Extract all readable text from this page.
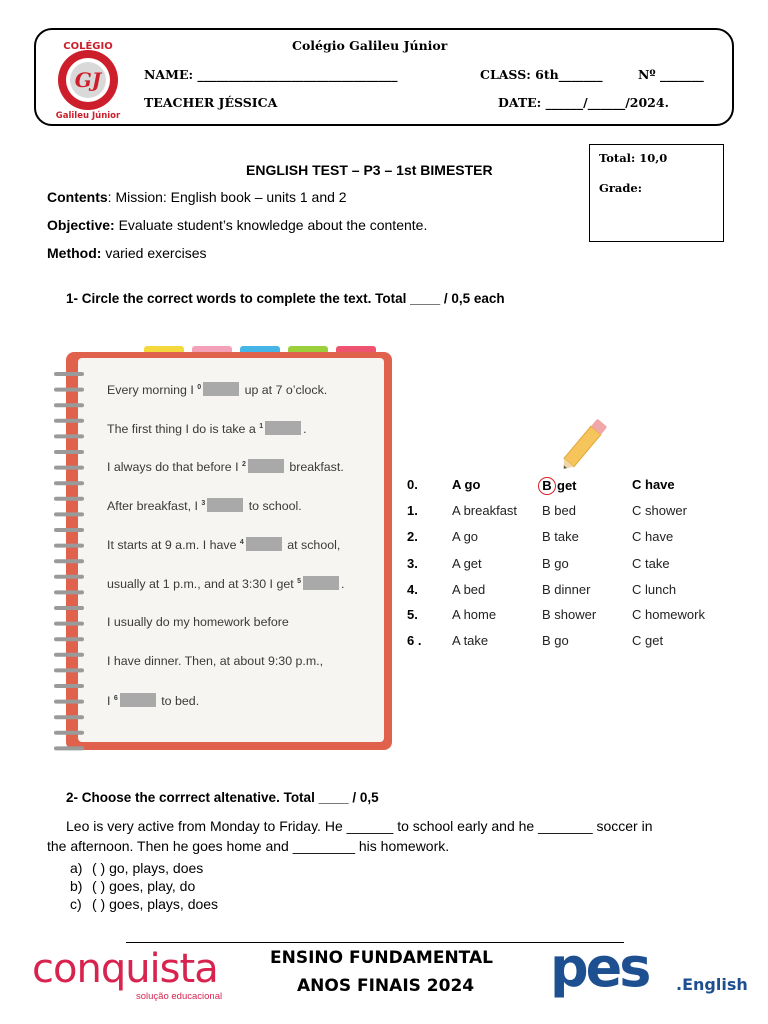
GJ
COLÉGIO
Galileu Júnior
Colégio Galileu Júnior
NAME: ________________________________	CLASS: 6th_______	Nº _______
TEACHER JÉSSICA	DATE: ______/______/2024.
ENGLISH TEST – P3 – 1st BIMESTER
Contents: Mission: English book – units 1 and 2
Objective: Evaluate student’s knowledge about the contente.
Method: varied exercises
Total: 10,0
Grade:
1- Circle the correct words to complete the text. Total ____ / 0,5 each
Every morning I $^0$	up at 7 o’clock.
The first thing I do is take a $^1$	.
I always do that before I $^2$	breakfast.
After breakfast, I $^3$	to school.
It starts at 9 a.m. I have $^4$	at school,
usually at 1 p.m., and at 3:30 I get $^5$	.
I usually do my homework before
I have dinner. Then, at about 9:30 p.m.,
I $^6$	to bed.
0.	A go	B get	C have
1.	A breakfast B bed	C shower
2.	A go	B take	C have
3.	A get	B go	C take
4.	A bed	B dinner	C lunch
5.	A home	B shower	C homework
6 . A take	B go	C get
2- Choose the corrrect altenative. Total ____ / 0,5
Leo is very active from Monday to Friday. He ______ to school early and he _______ soccer in
the afternoon. Then he goes home and ________ his homework.
a) ( ) go, plays, does
b) ( ) goes, play, do
c) ( ) goes, plays, does
conquista
solução educacional
ENSINO FUNDAMENTAL
ANOS FINAIS 2024 pes .English
